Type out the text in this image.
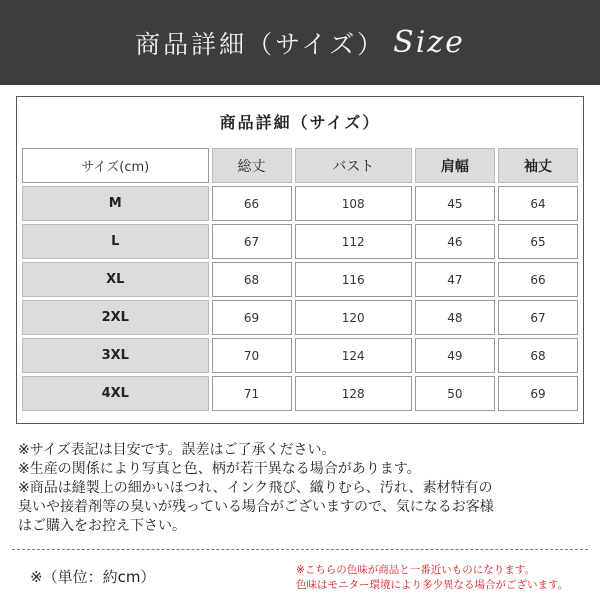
商品詳細（サイズ） Size
商品詳細（サイズ）
サイズ(cm)	総丈	バスト	肩幅	袖丈
M	66	108	45	64
L	67	112	46	65
XL	68	116	47	66
2XL	69	120	48	67
3XL	70	124	49	68
4XL	71	128	50	69

※サイズ表記は目安です。誤差はご了承ください。

※生産の関係により写真と色、柄が若干異なる場合があります。

※商品は縫製上の細かいほつれ、インク飛び、織りむら、汚れ、素材特有の

臭いや接着剤等の臭いが残っている場合がございますので、気になるお客様

はご購入をお控え下さい。

※（単位：約cm）	※こちらの色味が商品と一番近いものになります。

色味はモニター環境により多少異なる場合がございます。
